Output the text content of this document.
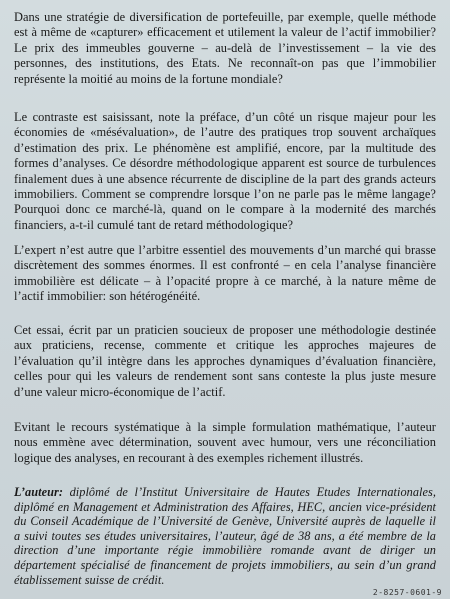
Dans une stratégie de diversification de portefeuille, par exemple, quelle méthode est à même de «capturer» efficacement et utilement la valeur de l’actif immobilier? Le prix des immeubles gouverne – au-delà de l’investissement – la vie des personnes, des institutions, des Etats. Ne reconnaît-on pas que l’immobilier représente la moitié au moins de la fortune mondiale?

Le contraste est saisissant, note la préface, d’un côté un risque majeur pour les économies de «mésévaluation», de l’autre des pratiques trop souvent archaïques d’estimation des prix. Le phénomène est amplifié, encore, par la multitude des formes d’analyses. Ce désordre méthodologique apparent est source de turbulences finalement dues à une absence récurrente de discipline de la part des grands acteurs immobiliers. Comment se comprendre lorsque l’on ne parle pas le même langage? Pourquoi donc ce marché-là, quand on le compare à la modernité des marchés financiers, a-t-il cumulé tant de retard méthodologique?

L’expert n’est autre que l’arbitre essentiel des mouvements d’un marché qui brasse discrètement des sommes énormes. Il est confronté – en cela l’analyse financière immobilière est délicate – à l’opacité propre à ce marché, à la nature même de l’actif immobilier: son hétérogénéité.

Cet essai, écrit par un praticien soucieux de proposer une méthodologie destinée aux praticiens, recense, commente et critique les approches majeures de l’évaluation qu’il intègre dans les approches dynamiques d’évaluation financière, celles pour qui les valeurs de rendement sont sans conteste la plus juste mesure d’une valeur micro-économique de l’actif.

Evitant le recours systématique à la simple formulation mathématique, l’auteur nous emmène avec détermination, souvent avec humour, vers une réconciliation logique des analyses, en recourant à des exemples richement illustrés.

L’auteur: diplômé de l’Institut Universitaire de Hautes Etudes Internationales, diplômé en Management et Administration des Affaires, HEC, ancien vice-président du Conseil Académique de l’Université de Genève, Université auprès de laquelle il a suivi toutes ses études universitaires, l’auteur, âgé de 38 ans, a été membre de la direction d’une importante régie immobilière romande avant de diriger un département spécialisé de financement de projets immobiliers, au sein d’un grand établissement suisse de crédit.

2-8257-0601-9
